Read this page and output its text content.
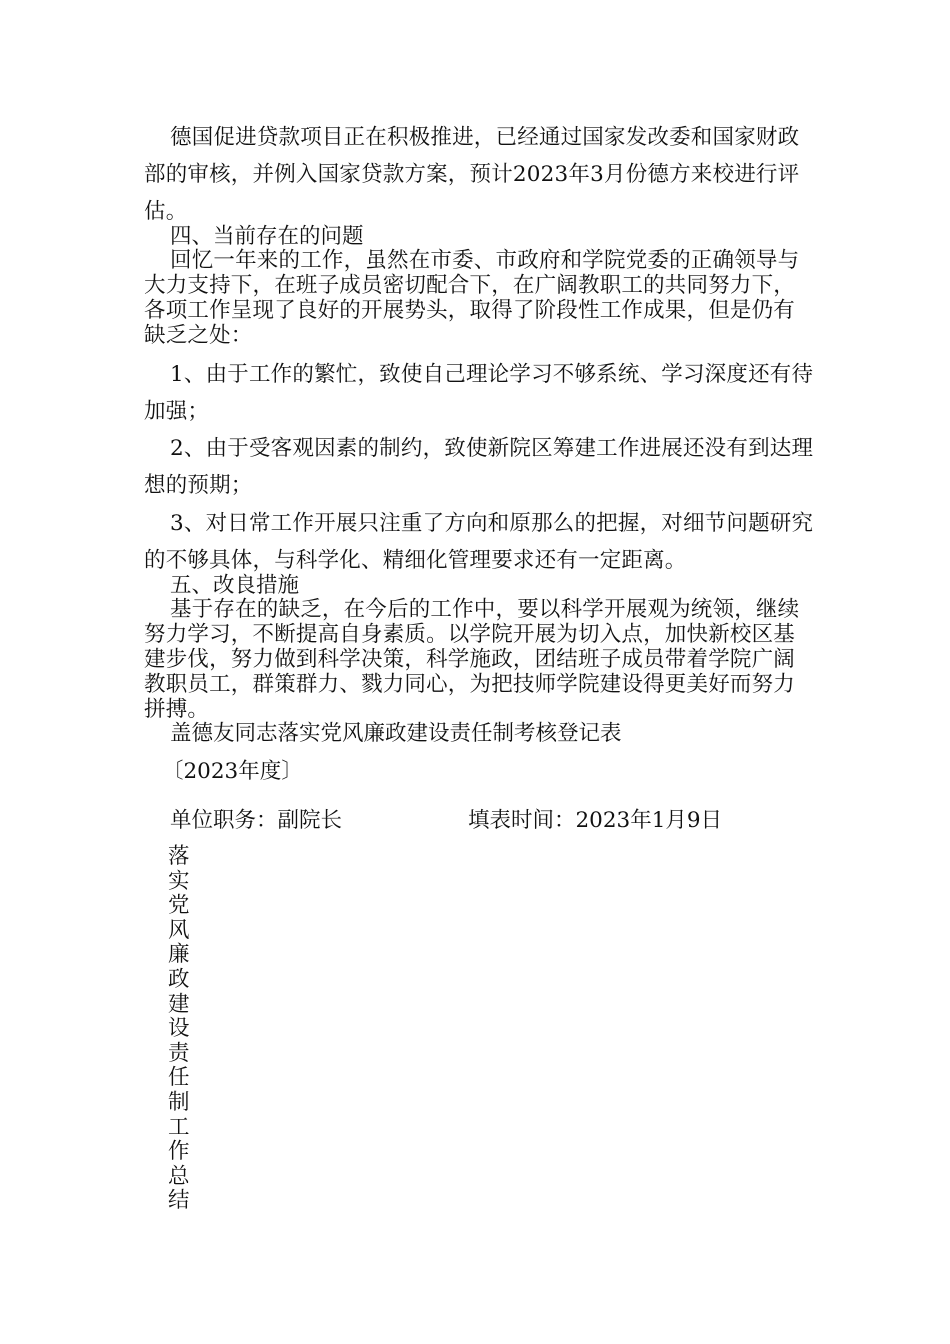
德国促进贷款项目正在积极推进，已经通过国家发改委和国家财政部的审核，并例入国家贷款方案，预计2023年3月份德方来校进行评估。

四、当前存在的问题

回忆一年来的工作，虽然在市委、市政府和学院党委的正确领导与大力支持下，在班子成员密切配合下，在广阔教职工的共同努力下，各项工作呈现了良好的开展势头，取得了阶段性工作成果，但是仍有缺乏之处：

1、由于工作的繁忙，致使自己理论学习不够系统、学习深度还有待加强；

2、由于受客观因素的制约，致使新院区筹建工作进展还没有到达理想的预期；

3、对日常工作开展只注重了方向和原那么的把握，对细节问题研究的不够具体，与科学化、精细化管理要求还有一定距离。

五、改良措施

基于存在的缺乏，在今后的工作中，要以科学开展观为统领，继续努力学习，不断提高自身素质。以学院开展为切入点，加快新校区基建步伐，努力做到科学决策，科学施政，团结班子成员带着学院广阔教职员工，群策群力、戮力同心，为把技师学院建设得更美好而努力拼搏。

盖德友同志落实党风廉政建设责任制考核登记表
〔2023年度〕
单位职务：副院长	填表时间：2023年1月9日
落实党风廉政建设责任制工作总结
